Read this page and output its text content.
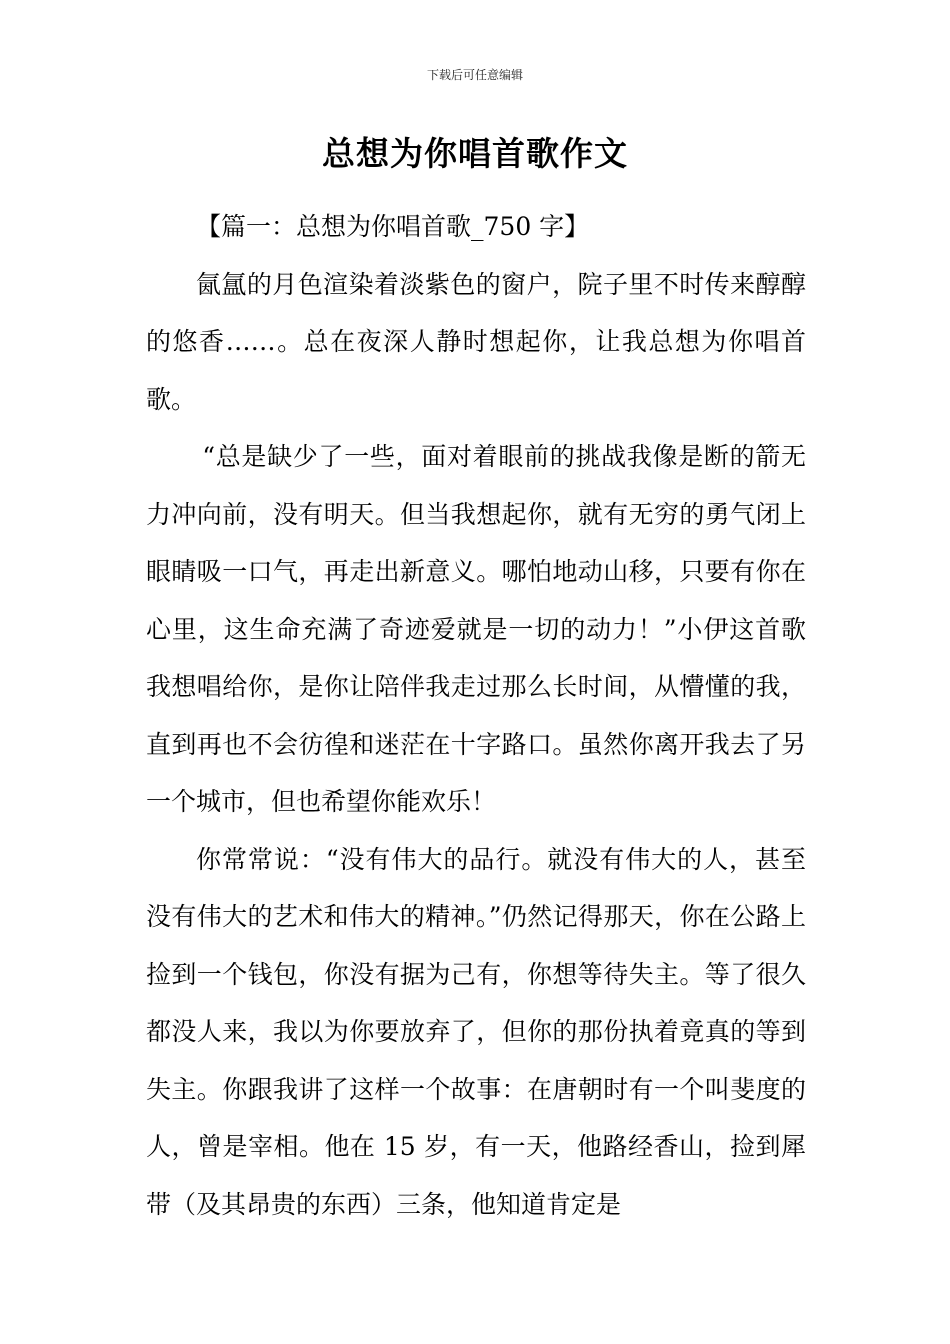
下载后可任意编辑
总想为你唱首歌作文

【篇一：总想为你唱首歌_750 字】

氤氲的月色渲染着淡紫色的窗户，院子里不时传来醇醇的悠香……。总在夜深人静时想起你，让我总想为你唱首歌。

“总是缺少了一些，面对着眼前的挑战我像是断的箭无力冲向前，没有明天。但当我想起你，就有无穷的勇气闭上眼睛吸一口气，再走出新意义。哪怕地动山移，只要有你在心里，这生命充满了奇迹爱就是一切的动力！”小伊这首歌我想唱给你，是你让陪伴我走过那么长时间，从懵懂的我，直到再也不会彷徨和迷茫在十字路口。虽然你离开我去了另一个城市，但也希望你能欢乐！

你常常说：“没有伟大的品行。就没有伟大的人，甚至没有伟大的艺术和伟大的精神。”仍然记得那天，你在公路上捡到一个钱包，你没有据为己有，你想等待失主。等了很久都没人来，我以为你要放弃了，但你的那份执着竟真的等到失主。你跟我讲了这样一个故事：在唐朝时有一个叫斐度的人，曾是宰相。他在 15 岁，有一天，他路经香山，捡到犀带（及其昂贵的东西）三条，他知道肯定是
